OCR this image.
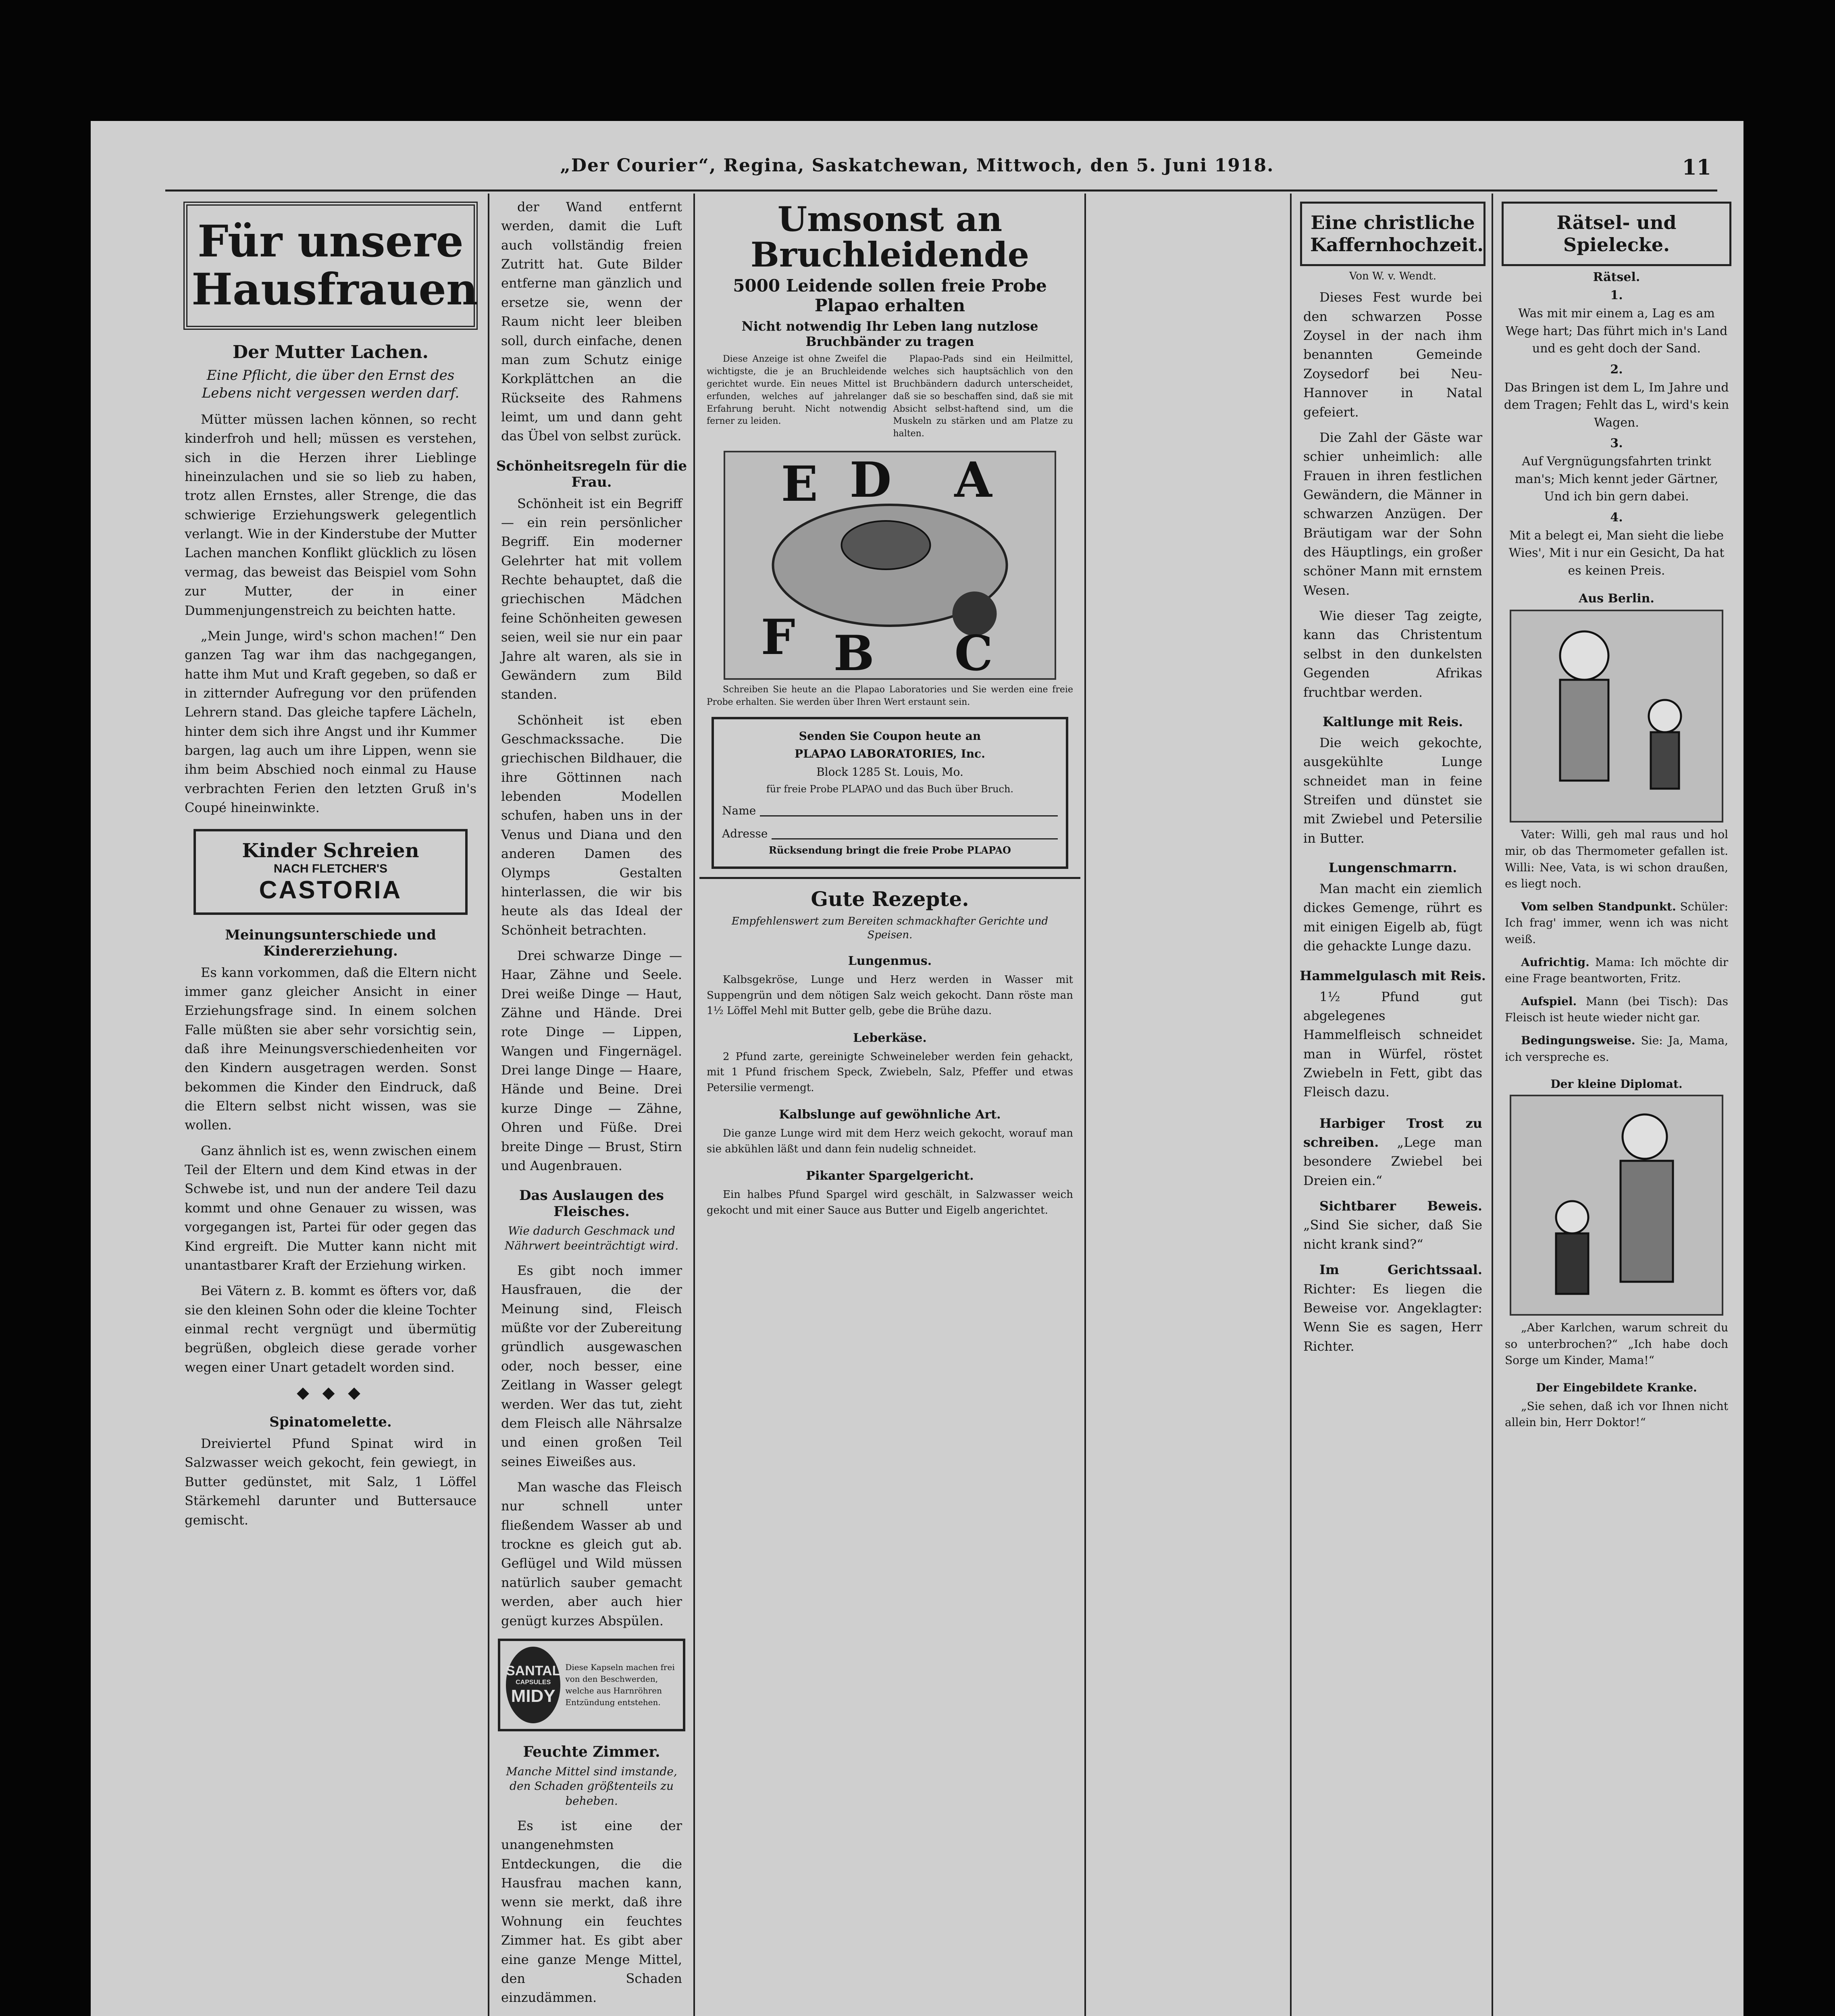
„Der Courier“, Regina, Saskatchewan, Mittwoch, den 5. Juni 1918.	11
Für unsere Hausfrauen
Der Mutter Lachen.
Eine Pflicht, die über den Ernst des Lebens nicht vergessen werden darf.

Mütter müssen lachen können, so recht kinderfroh und hell; müssen es verstehen, sich in die Herzen ihrer Lieblinge hineinzulachen und sie so lieb zu haben, trotz allen Ernstes, aller Strenge, die das schwierige Erziehungswerk gelegentlich verlangt. Wie in der Kinderstube der Mutter Lachen manchen Konflikt glücklich zu lösen vermag, das beweist das Beispiel vom Sohn zur Mutter, der in einer Dummenjungenstreich zu beichten hatte.

„Mein Junge, wird's schon machen!“ Den ganzen Tag war ihm das nachgegangen, hatte ihm Mut und Kraft gegeben, so daß er in zitternder Aufregung vor den prüfenden Lehrern stand. Das gleiche tapfere Lächeln, hinter dem sich ihre Angst und ihr Kummer bargen, lag auch um ihre Lippen, wenn sie ihm beim Abschied noch einmal zu Hause verbrachten Ferien den letzten Gruß in's Coupé hineinwinkte.

Kinder Schreien
NACH FLETCHER'S
CASTORIA
Meinungsunterschiede und Kindererziehung.

Es kann vorkommen, daß die Eltern nicht immer ganz gleicher Ansicht in einer Erziehungsfrage sind. In einem solchen Falle müßten sie aber sehr vorsichtig sein, daß ihre Meinungsverschiedenheiten vor den Kindern ausgetragen werden. Sonst bekommen die Kinder den Eindruck, daß die Eltern selbst nicht wissen, was sie wollen.

Ganz ähnlich ist es, wenn zwischen einem Teil der Eltern und dem Kind etwas in der Schwebe ist, und nun der andere Teil dazu kommt und ohne Genauer zu wissen, was vorgegangen ist, Partei für oder gegen das Kind ergreift. Die Mutter kann nicht mit unantastbarer Kraft der Erziehung wirken.

Bei Vätern z. B. kommt es öfters vor, daß sie den kleinen Sohn oder die kleine Tochter einmal recht vergnügt und übermütig begrüßen, obgleich diese gerade vorher wegen einer Unart getadelt worden sind.

◆ ◆ ◆
Spinatomelette.

Dreiviertel Pfund Spinat wird in Salzwasser weich gekocht, fein gewiegt, in Butter gedünstet, mit Salz, 1 Löffel Stärkemehl darunter und Buttersauce gemischt.

der Wand entfernt werden, damit die Luft auch vollständig freien Zutritt hat. Gute Bilder entferne man gänzlich und ersetze sie, wenn der Raum nicht leer bleiben soll, durch einfache, denen man zum Schutz einige Korkplättchen an die Rückseite des Rahmens leimt, um und dann geht das Übel von selbst zurück.

Schönheitsregeln für die Frau.

Schönheit ist ein Begriff — ein rein persönlicher Begriff. Ein moderner Gelehrter hat mit vollem Rechte behauptet, daß die griechischen Mädchen feine Schönheiten gewesen seien, weil sie nur ein paar Jahre alt waren, als sie in Gewändern zum Bild standen.

Schönheit ist eben Geschmackssache. Die griechischen Bildhauer, die ihre Göttinnen nach lebenden Modellen schufen, haben uns in der Venus und Diana und den anderen Damen des Olymps Gestalten hinterlassen, die wir bis heute als das Ideal der Schönheit betrachten.

Drei schwarze Dinge — Haar, Zähne und Seele. Drei weiße Dinge — Haut, Zähne und Hände. Drei rote Dinge — Lippen, Wangen und Fingernägel. Drei lange Dinge — Haare, Hände und Beine. Drei kurze Dinge — Zähne, Ohren und Füße. Drei breite Dinge — Brust, Stirn und Augenbrauen.

Das Auslaugen des Fleisches.
Wie dadurch Geschmack und Nährwert beeinträchtigt wird.

Es gibt noch immer Hausfrauen, die der Meinung sind, Fleisch müßte vor der Zubereitung gründlich ausgewaschen oder, noch besser, eine Zeitlang in Wasser gelegt werden. Wer das tut, zieht dem Fleisch alle Nährsalze und einen großen Teil seines Eiweißes aus.

Man wasche das Fleisch nur schnell unter fließendem Wasser ab und trockne es gleich gut ab. Geflügel und Wild müssen natürlich sauber gemacht werden, aber auch hier genügt kurzes Abspülen.

SANTAL
CAPSULES
MIDY
Diese Kapseln machen frei von den Beschwerden, welche aus Harnröhren Entzündung entstehen.
Feuchte Zimmer.
Manche Mittel sind imstande, den Schaden größtenteils zu beheben.

Es ist eine der unangenehmsten Entdeckungen, die die Hausfrau machen kann, wenn sie merkt, daß ihre Wohnung ein feuchtes Zimmer hat. Es gibt aber eine ganze Menge Mittel, den Schaden einzudämmen.

Umsonst an Bruchleidende
5000 Leidende sollen freie Probe Plapao erhalten
Nicht notwendig Ihr Leben lang nutzlose Bruchbänder zu tragen

Diese Anzeige ist ohne Zweifel die wichtigste, die je an Bruchleidende gerichtet wurde. Ein neues Mittel ist erfunden, welches auf jahrelanger Erfahrung beruht. Nicht notwendig ferner zu leiden.

Plapao-Pads sind ein Heilmittel, welches sich hauptsächlich von den Bruchbändern dadurch unterscheidet, daß sie so beschaffen sind, daß sie mit Absicht selbst-haftend sind, um die Muskeln zu stärken und am Platze zu halten.

E D A
F B C

Schreiben Sie heute an die Plapao Laboratories und Sie werden eine freie Probe erhalten. Sie werden über Ihren Wert erstaunt sein.

Senden Sie Coupon heute an
PLAPAO LABORATORIES, Inc.
Block 1285 St. Louis, Mo.
für freie Probe PLAPAO und das Buch über Bruch.
Name
Adresse
Rücksendung bringt die freie Probe PLAPAO
Gute Rezepte.
Empfehlenswert zum Bereiten schmackhafter Gerichte und Speisen.
Lungenmus.

Kalbsgekröse, Lunge und Herz werden in Wasser mit Suppengrün und dem nötigen Salz weich gekocht. Dann röste man 1½ Löffel Mehl mit Butter gelb, gebe die Brühe dazu.

Leberkäse.

2 Pfund zarte, gereinigte Schweineleber werden fein gehackt, mit 1 Pfund frischem Speck, Zwiebeln, Salz, Pfeffer und etwas Petersilie vermengt.

Kalbslunge auf gewöhnliche Art.

Die ganze Lunge wird mit dem Herz weich gekocht, worauf man sie abkühlen läßt und dann fein nudelig schneidet.

Pikanter Spargelgericht.

Ein halbes Pfund Spargel wird geschält, in Salzwasser weich gekocht und mit einer Sauce aus Butter und Eigelb angerichtet.

Eine christliche Kaffernhochzeit.
Von W. v. Wendt.

Dieses Fest wurde bei den schwarzen Posse Zoysel in der nach ihm benannten Gemeinde Zoysedorf bei Neu-Hannover in Natal gefeiert.

Die Zahl der Gäste war schier unheimlich: alle Frauen in ihren festlichen Gewändern, die Männer in schwarzen Anzügen. Der Bräutigam war der Sohn des Häuptlings, ein großer schöner Mann mit ernstem Wesen.

Wie dieser Tag zeigte, kann das Christentum selbst in den dunkelsten Gegenden Afrikas fruchtbar werden.

Kaltlunge mit Reis.

Die weich gekochte, ausgekühlte Lunge schneidet man in feine Streifen und dünstet sie mit Zwiebel und Petersilie in Butter.

Lungenschmarrn.

Man macht ein ziemlich dickes Gemenge, rührt es mit einigen Eigelb ab, fügt die gehackte Lunge dazu.

Hammelgulasch mit Reis.

1½ Pfund gut abgelegenes Hammelfleisch schneidet man in Würfel, röstet Zwiebeln in Fett, gibt das Fleisch dazu.

Harbiger Trost zu schreiben. „Lege man besondere Zwiebel bei Dreien ein.“

Sichtbarer Beweis. „Sind Sie sicher, daß Sie nicht krank sind?“

Im Gerichtssaal. Richter: Es liegen die Beweise vor. Angeklagter: Wenn Sie es sagen, Herr Richter.

Rätsel- und Spielecke.
Rätsel.
1.
Was mit mir einem a, Lag es am Wege hart; Das führt mich in's Land und es geht doch der Sand.
2.
Das Bringen ist dem L, Im Jahre und dem Tragen; Fehlt das L, wird's kein Wagen.
3.
Auf Vergnügungsfahrten trinkt man's; Mich kennt jeder Gärtner, Und ich bin gern dabei.
4.
Mit a belegt ei, Man sieht die liebe Wies', Mit i nur ein Gesicht, Da hat es keinen Preis.
Aus Berlin.

Vater: Willi, geh mal raus und hol mir, ob das Thermometer gefallen ist. Willi: Nee, Vata, is wi schon draußen, es liegt noch.

Vom selben Standpunkt. Schüler: Ich frag' immer, wenn ich was nicht weiß.

Aufrichtig. Mama: Ich möchte dir eine Frage beantworten, Fritz.

Aufspiel. Mann (bei Tisch): Das Fleisch ist heute wieder nicht gar.

Bedingungsweise. Sie: Ja, Mama, ich verspreche es.

Der kleine Diplomat.

„Aber Karlchen, warum schreit du so unterbrochen?“ „Ich habe doch Sorge um Kinder, Mama!“

Der Eingebildete Kranke.

„Sie sehen, daß ich vor Ihnen nicht allein bin, Herr Doktor!“
